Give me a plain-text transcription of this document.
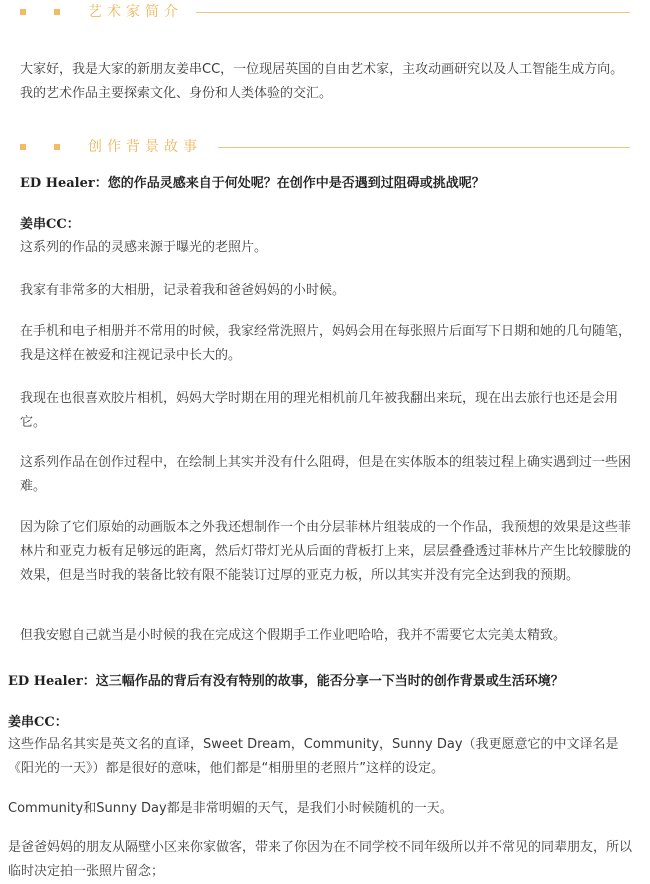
艺术家简介

大家好，我是大家的新朋友姜串CC，一位现居英国的自由艺术家，主攻动画研究以及人工智能生成方向。我的艺术作品主要探索文化、身份和人类体验的交汇。

创作背景故事

ED Healer：您的作品灵感来自于何处呢？在创作中是否遇到过阻碍或挑战呢？

姜串CC：

这系列的作品的灵感来源于曝光的老照片。

我家有非常多的大相册，记录着我和爸爸妈妈的小时候。

在手机和电子相册并不常用的时候，我家经常洗照片，妈妈会用在每张照片后面写下日期和她的几句随笔，我是这样在被爱和注视记录中长大的。

我现在也很喜欢胶片相机，妈妈大学时期在用的理光相机前几年被我翻出来玩，现在出去旅行也还是会用它。

这系列作品在创作过程中，在绘制上其实并没有什么阻碍，但是在实体版本的组装过程上确实遇到过一些困难。

因为除了它们原始的动画版本之外我还想制作一个由分层菲林片组装成的一个作品，我预想的效果是这些菲林片和亚克力板有足够远的距离，然后灯带灯光从后面的背板打上来，层层叠叠透过菲林片产生比较朦胧的效果，但是当时我的装备比较有限不能装订过厚的亚克力板，所以其实并没有完全达到我的预期。

但我安慰自己就当是小时候的我在完成这个假期手工作业吧哈哈，我并不需要它太完美太精致。

ED Healer：这三幅作品的背后有没有特别的故事，能否分享一下当时的创作背景或生活环境？

姜串CC：

这些作品名其实是英文名的直译，Sweet Dream，Community，Sunny Day（我更愿意它的中文译名是《阳光的一天》）都是很好的意味，他们都是“相册里的老照片”这样的设定。

Community和Sunny Day都是非常明媚的天气，是我们小时候随机的一天。

是爸爸妈妈的朋友从隔壁小区来你家做客，带来了你因为在不同学校不同年级所以并不常见的同辈朋友，所以临时决定拍一张照片留念；
